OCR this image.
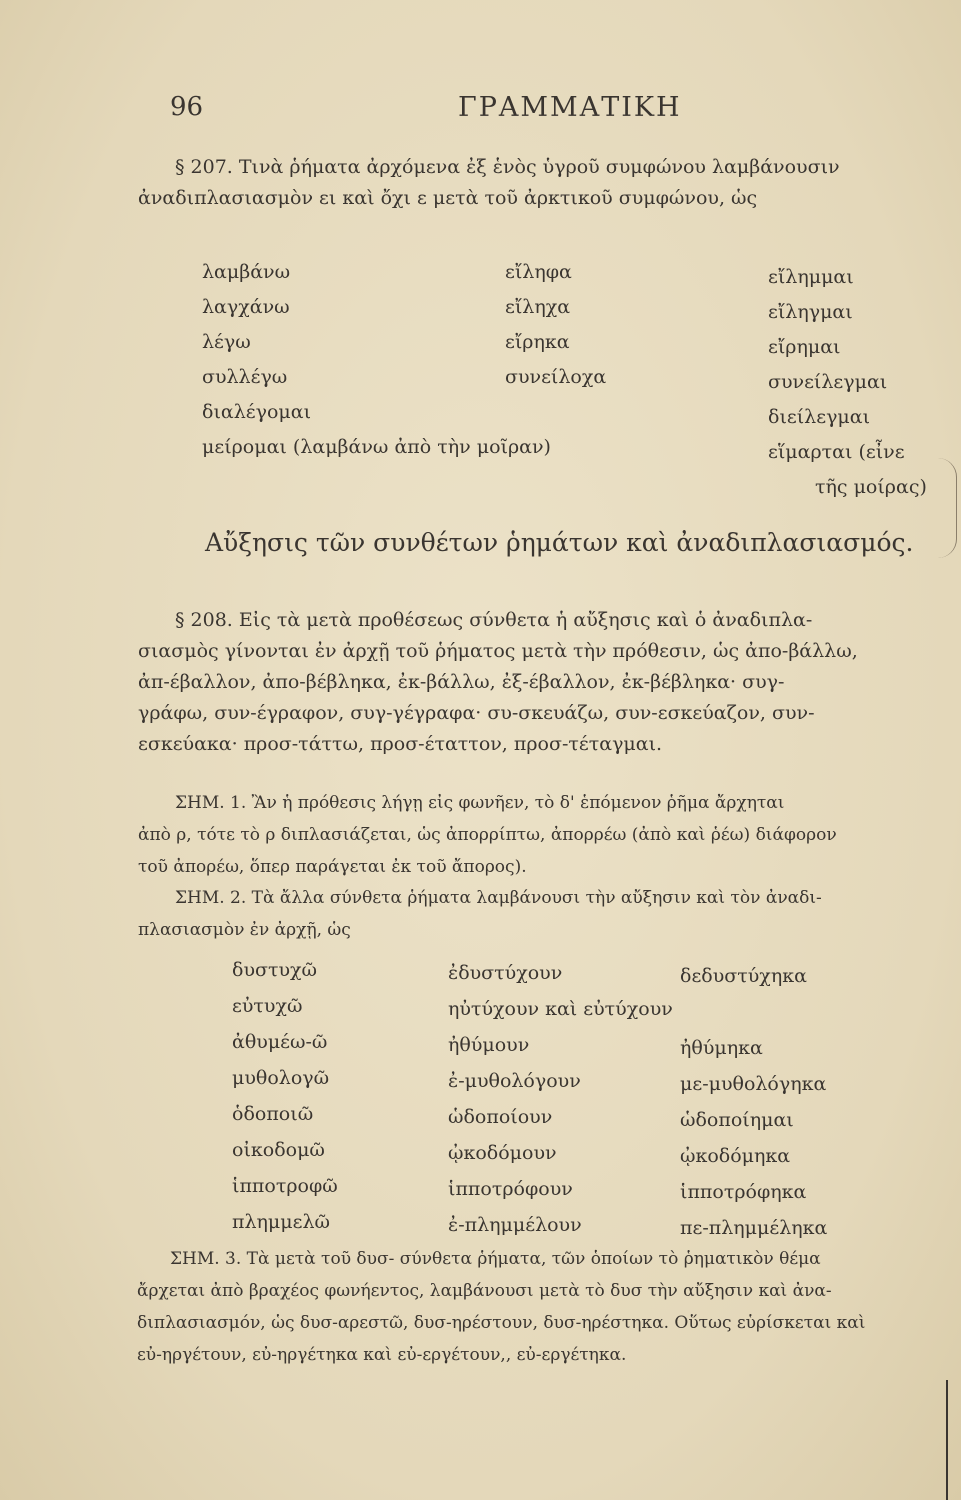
96	ΓΡΑΜΜΑΤΙΚΗ
§ 207. Τινὰ ῥήματα ἀρχόμενα ἐξ ἑνὸς ὑγροῦ συμφώνου λαμβάνουσιν
ἀναδιπλασιασμὸν ει καὶ ὄχι ε μετὰ τοῦ ἀρκτικοῦ συμφώνου, ὡς
λαμβάνω
λαγχάνω
λέγω
συλλέγω
διαλέγομαι
μείρομαι (λαμβάνω ἀπὸ τὴν μοῖραν)
εἴληφα
εἴληχα
εἴρηκα
συνείλοχα
εἴλημμαι
εἴληγμαι
εἴρημαι
συνείλεγμαι
διείλεγμαι
εἵμαρται (εἶνε
τῆς μοίρας)
Αὔξησις τῶν συνθέτων ῥημάτων καὶ ἀναδιπλασιασμός.
§ 208. Εἰς τὰ μετὰ προθέσεως σύνθετα ἡ αὔξησις καὶ ὁ ἀναδιπλα-
σιασμὸς γίνονται ἐν ἀρχῇ τοῦ ῥήματος μετὰ τὴν πρόθεσιν, ὡς ἀπο-βάλλω,
ἀπ-έβαλλον, ἀπο-βέβληκα, ἐκ-βάλλω, ἐξ-έβαλλον, ἐκ-βέβληκα· συγ-
γράφω, συν-έγραφον, συγ-γέγραφα· συ-σκευάζω, συν-εσκεύαζον, συν-
εσκεύακα· προσ-τάττω, προσ-έταττον, προσ-τέταγμαι.
ΣΗΜ. 1. Ἂν ἡ πρόθεσις λήγῃ εἰς φωνῆεν, τὸ δ' ἑπόμενον ῥῆμα ἄρχηται
ἀπὸ ρ, τότε τὸ ρ διπλασιάζεται, ὡς ἀπορρίπτω, ἀπορρέω (ἀπὸ καὶ ῥέω) διάφορον
τοῦ ἀπορέω, ὅπερ παράγεται ἐκ τοῦ ἄπορος).
ΣΗΜ. 2. Τὰ ἄλλα σύνθετα ῥήματα λαμβάνουσι τὴν αὔξησιν καὶ τὸν ἀναδι-
πλασιασμὸν ἐν ἀρχῇ, ὡς
δυστυχῶ
εὐτυχῶ
ἀθυμέω-ῶ
μυθολογῶ
ὁδοποιῶ
οἰκοδομῶ
ἱπποτροφῶ
πλημμελῶ
ἐδυστύχουν
ηὐτύχουν καὶ εὐτύχουν
ἠθύμουν
ἐ-μυθολόγουν
ὡδοποίουν
ᾠκοδόμουν
ἱπποτρόφουν
ἐ-πλημμέλουν
δεδυστύχηκα

ἠθύμηκα
με-μυθολόγηκα
ὡδοποίημαι
ᾠκοδόμηκα
ἱπποτρόφηκα
πε-πλημμέληκα
ΣΗΜ. 3. Τὰ μετὰ τοῦ δυσ- σύνθετα ῥήματα, τῶν ὁποίων τὸ ῥηματικὸν θέμα
ἄρχεται ἀπὸ βραχέος φωνήεντος, λαμβάνουσι μετὰ τὸ δυσ τὴν αὔξησιν καὶ ἀνα-
διπλασιασμόν, ὡς δυσ-αρεστῶ, δυσ-ηρέστουν, δυσ-ηρέστηκα. Οὕτως εὑρίσκεται καὶ
εὐ-ηργέτουν, εὐ-ηργέτηκα καὶ εὐ-εργέτουν,, εὐ-εργέτηκα.
